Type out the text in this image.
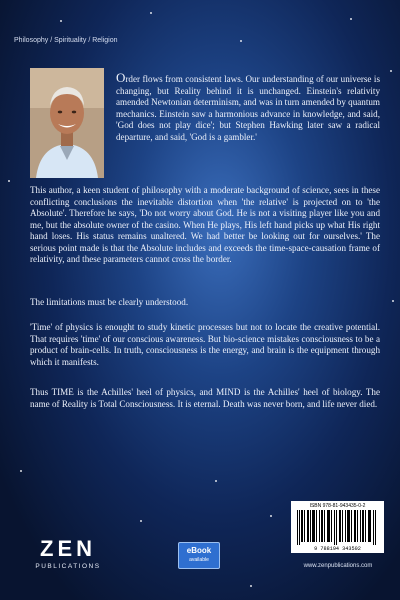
Philosophy / Spirituality / Religion

Order flows from consistent laws. Our understanding of our universe is changing, but Reality behind it is unchanged. Einstein's relativity amended Newtonian determinism, and was in turn amended by quantum mechanics. Einstein saw a harmonious advance in knowledge, and said, 'God does not play dice'; but Stephen Hawking later saw a radical departure, and said, 'God is a gambler.'

This author, a keen student of philosophy with a moderate background of science, sees in these conflicting conclusions the inevitable distortion when 'the relative' is projected on to 'the Absolute'. Therefore he says, 'Do not worry about God. He is not a visiting player like you and me, but the absolute owner of the casino. When He plays, His left hand picks up what His right hand loses. His status remains unaltered. We had better be looking out for ourselves.' The serious point made is that the Absolute includes and exceeds the time-space-causation frame of relativity, and these parameters cannot cross the border.

The limitations must be clearly understood.

'Time' of physics is enought to study kinetic processes but not to locate the creative potential. That requires 'time' of our conscious awareness. But bio-science mistakes consciousness to be a product of brain-cells. In truth, consciousness is the energy, and brain is the equipment through which it manifests.

Thus TIME is the Achilles' heel of physics, and MIND is the Achilles' heel of biology. The name of Reality is Total Consciousness. It is eternal. Death was never born, and life never died.

ZEN
PUBLICATIONS
eBook
available
ISBN 978-81-943435-0-2
9 788194 343502
www.zenpublications.com
